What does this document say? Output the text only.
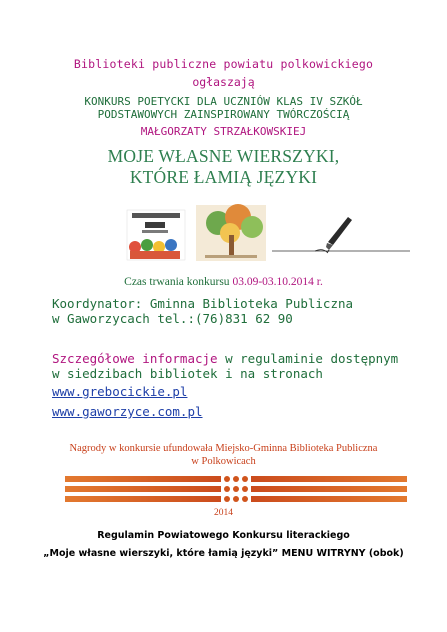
Biblioteki publiczne powiatu polkowickiego
ogłaszają
KONKURS POETYCKI DLA UCZNIÓW KLAS IV SZKÓŁ
PODSTAWOWYCH ZAINSPIROWANY TWÓRCZOŚCIĄ
MAŁGORZATY STRZAŁKOWSKIEJ
MOJE WŁASNE WIERSZYKI,
KTÓRE ŁAMIĄ JĘZYKI
Czas trwania konkursu 03.09-03.10.2014 r.
Koordynator: Gminna Biblioteka Publiczna
w Gaworzycach tel.:(76)831 62 90
Szczegółowe informacje w regulaminie dostępnym
w siedzibach bibliotek i na stronach
www.grebocickie.pl
www.gaworzyce.com.pl
Nagrody w konkursie ufundowała Miejsko-Gminna Biblioteka Publiczna
w Polkowicach
2014
Regulamin Powiatowego Konkursu literackiego
„Moje własne wierszyki, które łamią języki” MENU WITRYNY (obok)
